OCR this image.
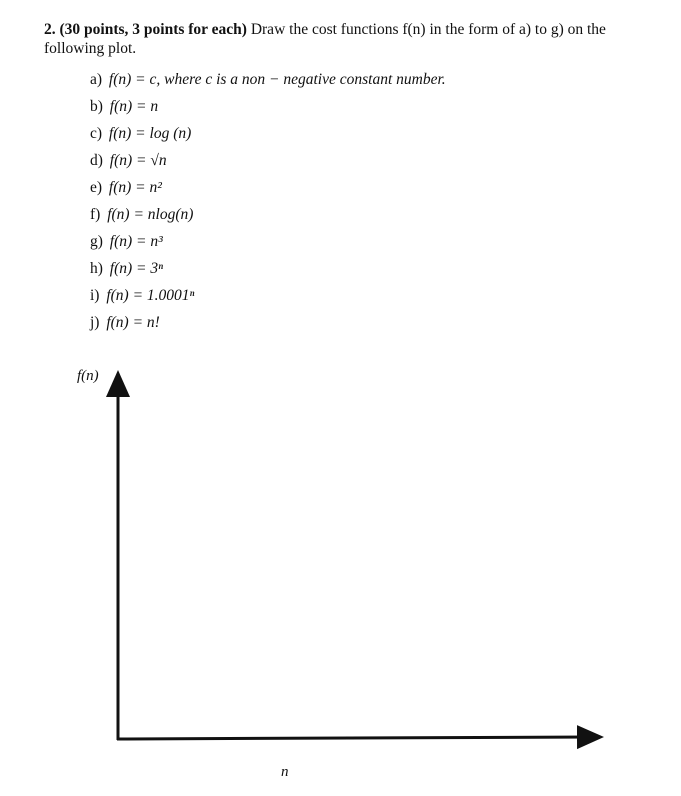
2. (30 points, 3 points for each) Draw the cost functions f(n) in the form of a) to g) on the following plot.
a) f(n) = c, where c is a non − negative constant number.
b) f(n) = n
c) f(n) = log (n)
d) f(n) = √n
e) f(n) = n²
f) f(n) = nlog(n)
g) f(n) = n³
h) f(n) = 3ⁿ
i) f(n) = 1.0001ⁿ
j) f(n) = n!
f(n)
n
